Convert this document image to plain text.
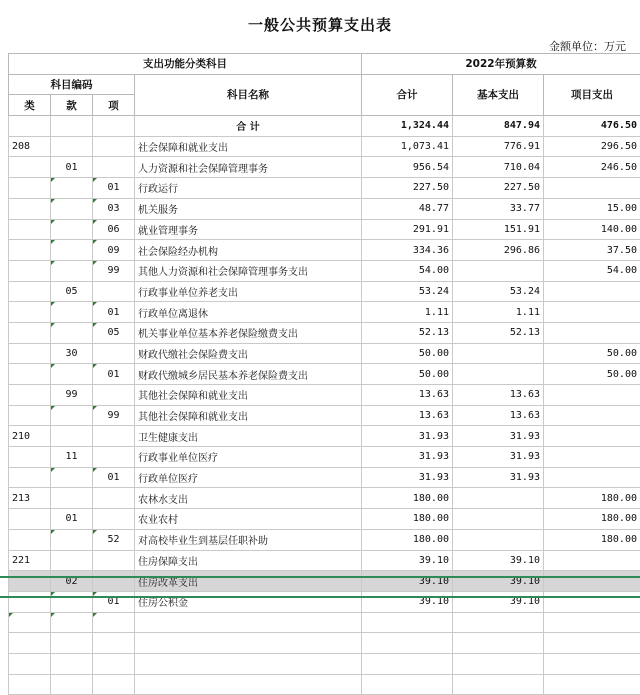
一般公共预算支出表
金额单位：万元
支出功能分类科目				2022年预算数		
科目编码			科目名称	合计	基本支出	项目支出
类	款	项				
			合 计	1,324.44	847.94	476.50
208			社会保障和就业支出	1,073.41	776.91	296.50
	01		人力资源和社会保障管理事务	956.54	710.04	246.50
		01	行政运行	227.50	227.50	
		03	机关服务	48.77	33.77	15.00
		06	就业管理事务	291.91	151.91	140.00
		09	社会保险经办机构	334.36	296.86	37.50
		99	其他人力资源和社会保障管理事务支出	54.00		54.00
	05		行政事业单位养老支出	53.24	53.24	
		01	行政单位离退休	1.11	1.11	
		05	机关事业单位基本养老保险缴费支出	52.13	52.13	
	30		财政代缴社会保险费支出	50.00		50.00
		01	财政代缴城乡居民基本养老保险费支出	50.00		50.00
	99		其他社会保障和就业支出	13.63	13.63	
		99	其他社会保障和就业支出	13.63	13.63	
210			卫生健康支出	31.93	31.93	
	11		行政事业单位医疗	31.93	31.93	
		01	行政单位医疗	31.93	31.93	
213			农林水支出	180.00		180.00
	01		农业农村	180.00		180.00
		52	对高校毕业生到基层任职补助	180.00		180.00
221			住房保障支出	39.10	39.10	
	02		住房改革支出	39.10	39.10	
		01	住房公积金	39.10	39.10	
